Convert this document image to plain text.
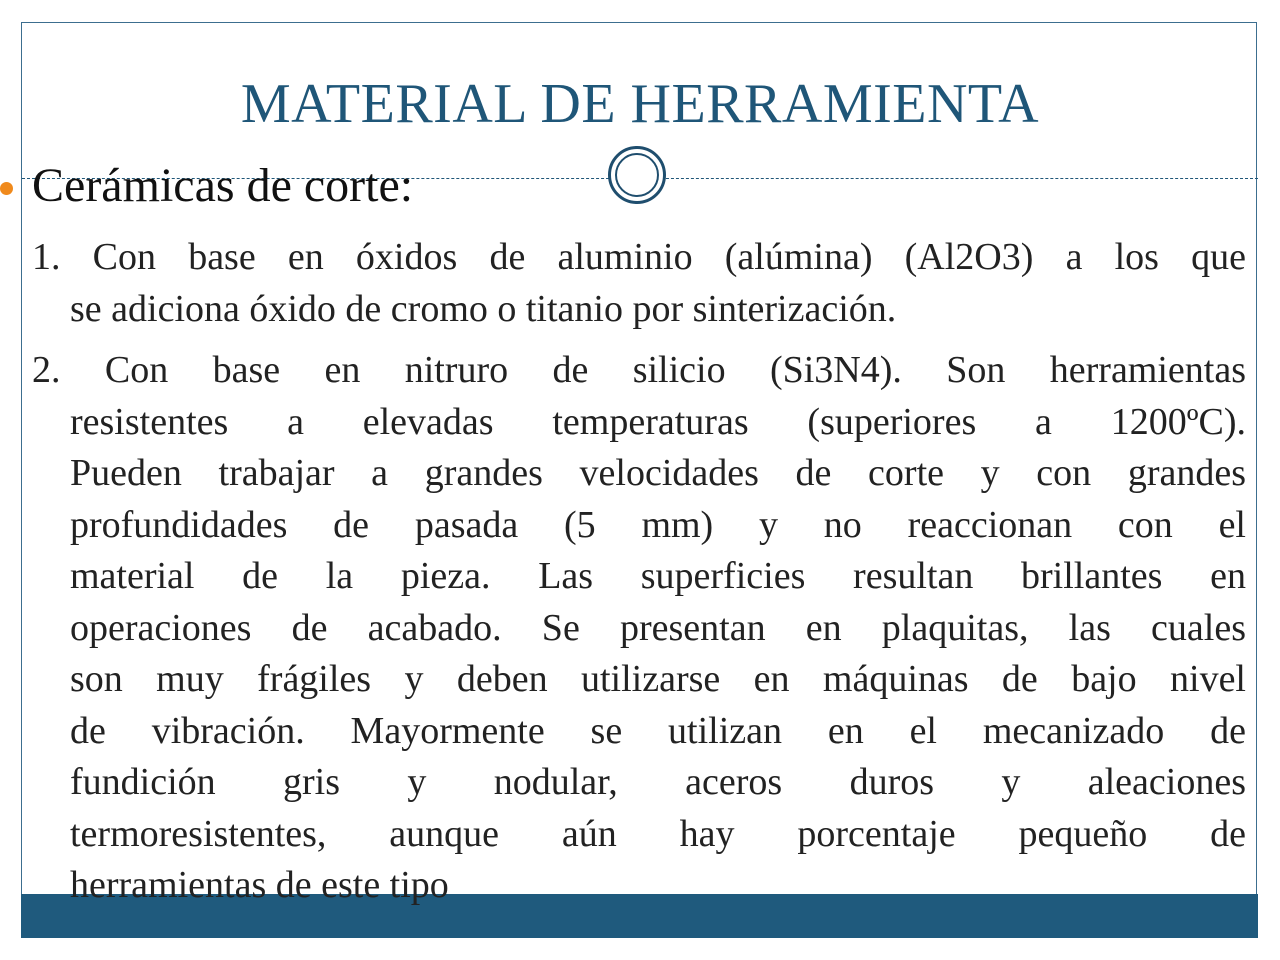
MATERIAL DE HERRAMIENTA
Cerámicas de corte:
1. Con base en óxidos de aluminio (alúmina) (Al2O3) a los que
se adiciona óxido de cromo o titanio por sinterización.
2. Con base en nitruro de silicio (Si3N4). Son herramientas
resistentes a elevadas temperaturas (superiores a 1200ºC).
Pueden trabajar a grandes velocidades de corte y con grandes
profundidades de pasada (5 mm) y no reaccionan con el
material de la pieza. Las superficies resultan brillantes en
operaciones de acabado. Se presentan en plaquitas, las cuales
son muy frágiles y deben utilizarse en máquinas de bajo nivel
de vibración. Mayormente se utilizan en el mecanizado de
fundición gris y nodular, aceros duros y aleaciones
termoresistentes, aunque aún hay porcentaje pequeño de
herramientas de este tipo
